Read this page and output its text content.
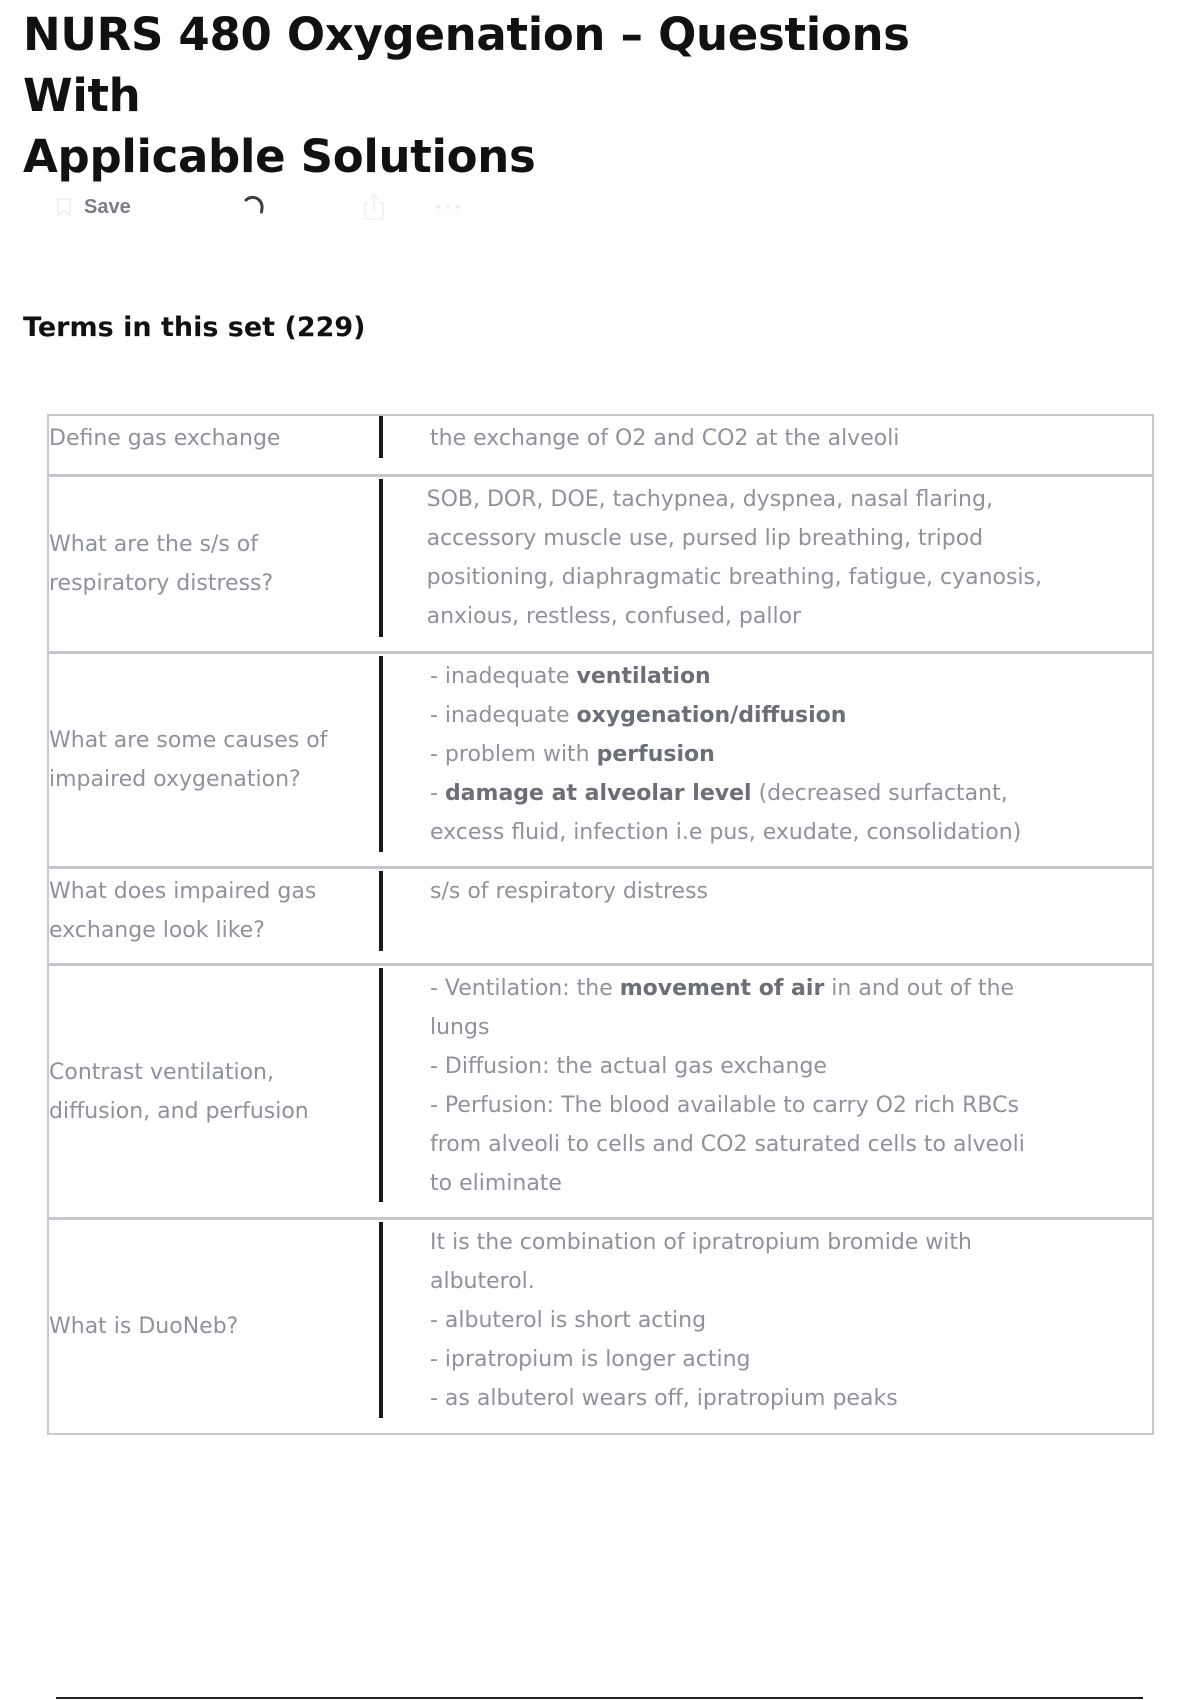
NURS 480 Oxygenation – Questions With
Applicable Solutions
Save
Terms in this set (229)
Define gas exchange	the exchange of O2 and CO2 at the alveoli
What are the s/s of
respiratory distress?
SOB, DOR, DOE, tachypnea, dyspnea, nasal flaring,
accessory muscle use, pursed lip breathing, tripod
positioning, diaphragmatic breathing, fatigue, cyanosis,
anxious, restless, confused, pallor
What are some causes of
impaired oxygenation?
- inadequate ventilation
- inadequate oxygenation/diffusion
- problem with perfusion
- damage at alveolar level (decreased surfactant,
excess fluid, infection i.e pus, exudate, consolidation)
What does impaired gas
exchange look like?
s/s of respiratory distress
Contrast ventilation,
diffusion, and perfusion
- Ventilation: the movement of air in and out of the
lungs
- Diffusion: the actual gas exchange
- Perfusion: The blood available to carry O2 rich RBCs
from alveoli to cells and CO2 saturated cells to alveoli
to eliminate
What is DuoNeb?
It is the combination of ipratropium bromide with
albuterol.
- albuterol is short acting
- ipratropium is longer acting
- as albuterol wears off, ipratropium peaks
